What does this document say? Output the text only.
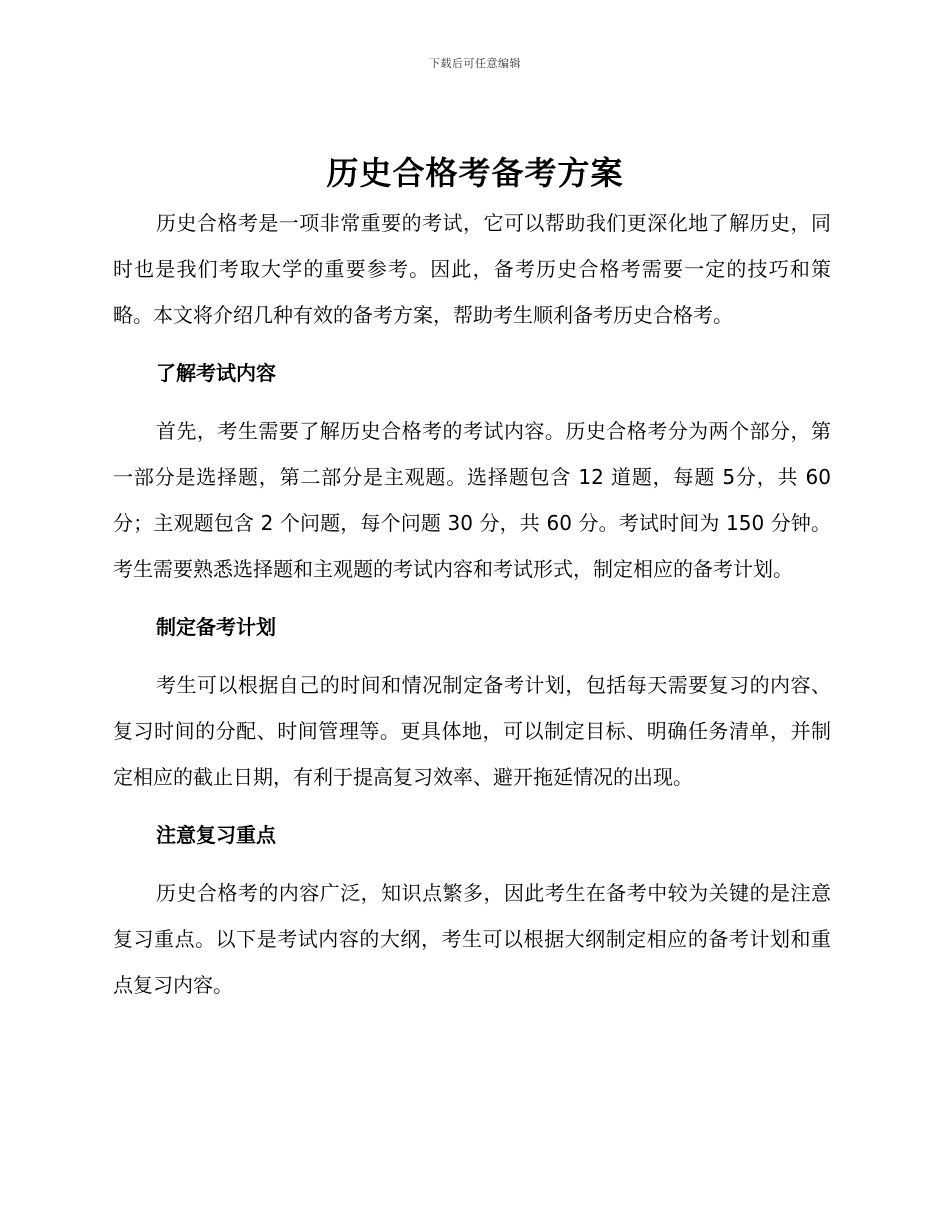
下载后可任意编辑
历史合格考备考方案

历史合格考是一项非常重要的考试，它可以帮助我们更深化地了解历史，同时也是我们考取大学的重要参考。因此，备考历史合格考需要一定的技巧和策略。本文将介绍几种有效的备考方案，帮助考生顺利备考历史合格考。

了解考试内容

首先，考生需要了解历史合格考的考试内容。历史合格考分为两个部分，第一部分是选择题，第二部分是主观题。选择题包含 12 道题，每题 5分，共 60 分；主观题包含 2 个问题，每个问题 30 分，共 60 分。考试时间为 150 分钟。考生需要熟悉选择题和主观题的考试内容和考试形式，制定相应的备考计划。

制定备考计划

考生可以根据自己的时间和情况制定备考计划，包括每天需要复习的内容、复习时间的分配、时间管理等。更具体地，可以制定目标、明确任务清单，并制定相应的截止日期，有利于提高复习效率、避开拖延情况的出现。

注意复习重点

历史合格考的内容广泛，知识点繁多，因此考生在备考中较为关键的是注意复习重点。以下是考试内容的大纲，考生可以根据大纲制定相应的备考计划和重点复习内容。
